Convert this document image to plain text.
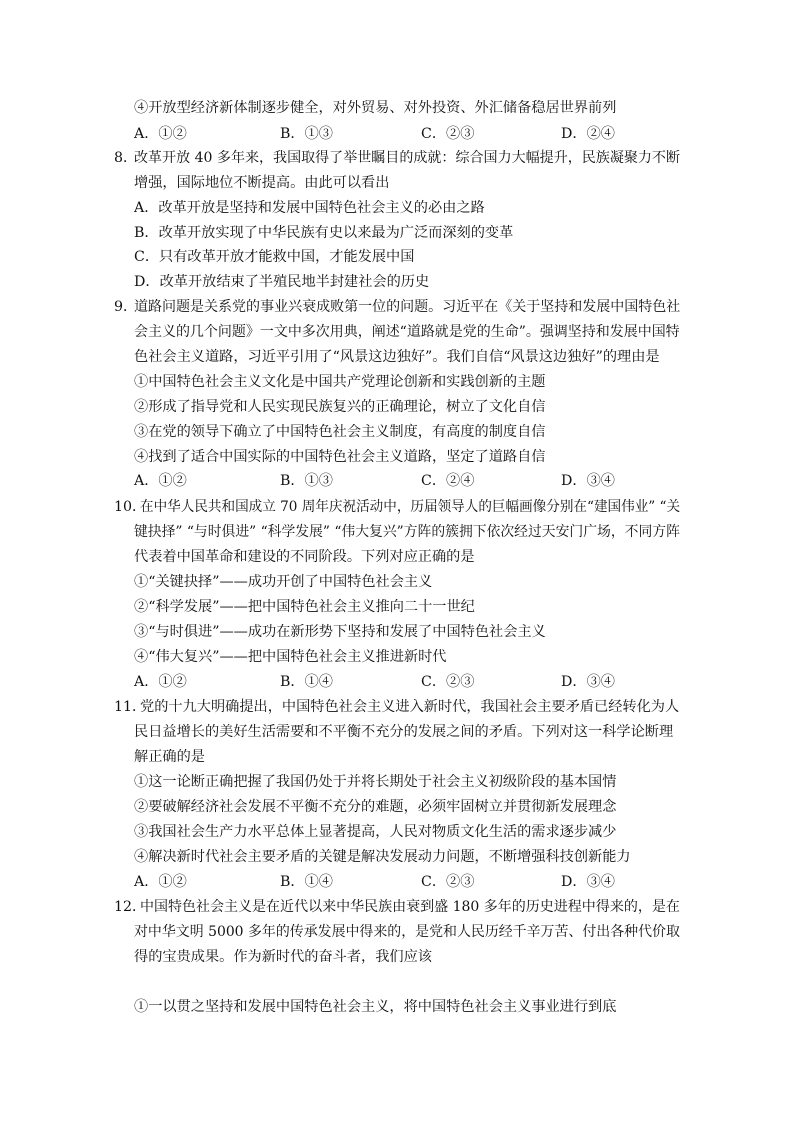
④开放型经济新体制逐步健全，对外贸易、对外投资、外汇储备稳居世界前列
A．①②	B．①③	C．②③	D．②④
8．
改革开放 40 多年来，我国取得了举世瞩目的成就：综合国力大幅提升，民族凝聚力不断
增强，国际地位不断提高。由此可以看出
A．改革开放是坚持和发展中国特色社会主义的必由之路
B．改革开放实现了中华民族有史以来最为广泛而深刻的变革
C．只有改革开放才能救中国，才能发展中国
D．改革开放结束了半殖民地半封建社会的历史
9．
道路问题是关系党的事业兴衰成败第一位的问题。习近平在《关于坚持和发展中国特色社
会主义的几个问题》一文中多次用典，阐述“道路就是党的生命”。强调坚持和发展中国特
色社会主义道路，习近平引用了“风景这边独好”。我们自信“风景这边独好”的理由是
①中国特色社会主义文化是中国共产党理论创新和实践创新的主题
②形成了指导党和人民实现民族复兴的正确理论，树立了文化自信
③在党的领导下确立了中国特色社会主义制度，有高度的制度自信
④找到了适合中国实际的中国特色社会主义道路，坚定了道路自信
A．①②	B．①③	C．②④	D．③④
10．
在中华人民共和国成立 70 周年庆祝活动中，历届领导人的巨幅画像分别在“建国伟业” “关
键抉择” “与时俱进” “科学发展” “伟大复兴”方阵的簇拥下依次经过天安门广场，不同方阵
代表着中国革命和建设的不同阶段。下列对应正确的是
①“关键抉择”——成功开创了中国特色社会主义
②“科学发展”——把中国特色社会主义推向二十一世纪
③“与时俱进”——成功在新形势下坚持和发展了中国特色社会主义
④“伟大复兴”——把中国特色社会主义推进新时代
A．①②	B．①④	C．②③	D．③④
11．
党的十九大明确提出，中国特色社会主义进入新时代，我国社会主要矛盾已经转化为人
民日益增长的美好生活需要和不平衡不充分的发展之间的矛盾。下列对这一科学论断理
解正确的是
①这一论断正确把握了我国仍处于并将长期处于社会主义初级阶段的基本国情
②要破解经济社会发展不平衡不充分的难题，必须牢固树立并贯彻新发展理念
③我国社会生产力水平总体上显著提高，人民对物质文化生活的需求逐步减少
④解决新时代社会主要矛盾的关键是解决发展动力问题，不断增强科技创新能力
A．①②	B．①④	C．②③	D．③④
12．
中国特色社会主义是在近代以来中华民族由衰到盛 180 多年的历史进程中得来的，是在
对中华文明 5000 多年的传承发展中得来的，是党和人民历经千辛万苦、付出各种代价取
得的宝贵成果。作为新时代的奋斗者，我们应该
①一以贯之坚持和发展中国特色社会主义，将中国特色社会主义事业进行到底
